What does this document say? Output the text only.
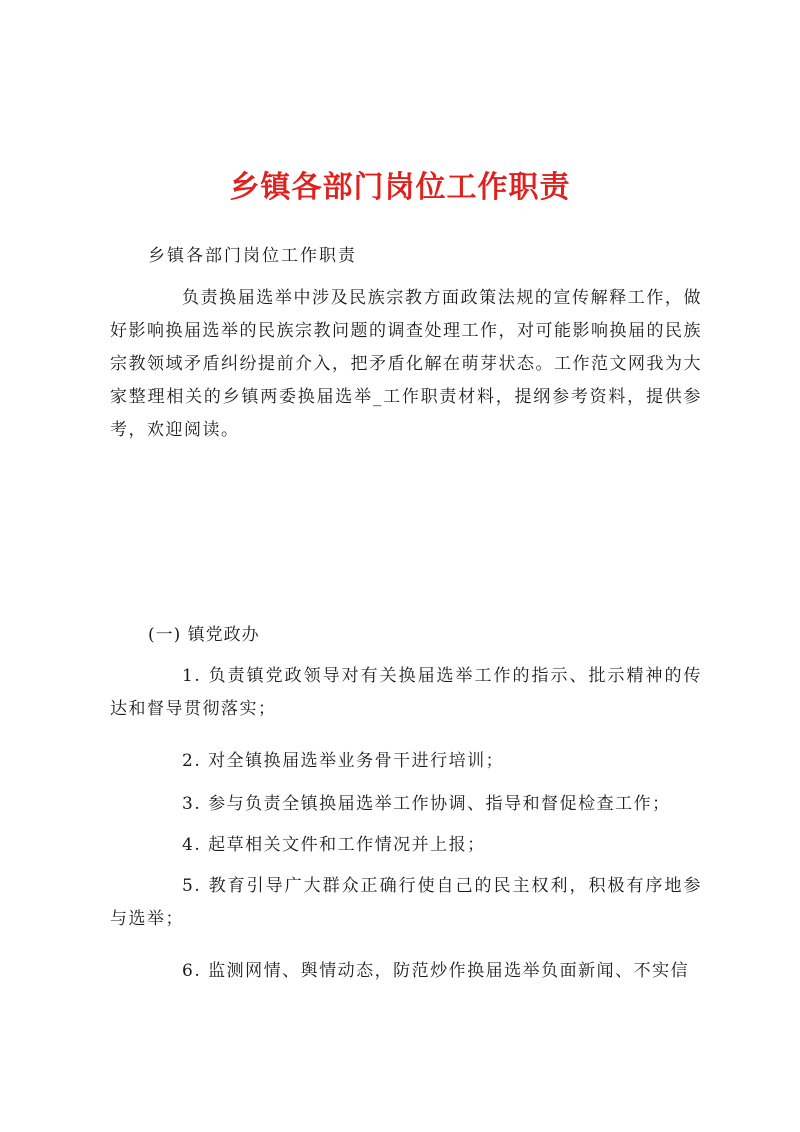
乡镇各部门岗位工作职责
乡镇各部门岗位工作职责
负责换届选举中涉及民族宗教方面政策法规的宣传解释工作，做好影响换届选举的民族宗教问题的调查处理工作，对可能影响换届的民族宗教领域矛盾纠纷提前介入，把矛盾化解在萌芽状态。工作范文网我为大家整理相关的乡镇两委换届选举_工作职责材料，提纲参考资料，提供参考，欢迎阅读。
(一) 镇党政办
1. 负责镇党政领导对有关换届选举工作的指示、批示精神的传达和督导贯彻落实；
2. 对全镇换届选举业务骨干进行培训；
3. 参与负责全镇换届选举工作协调、指导和督促检查工作；
4. 起草相关文件和工作情况并上报；
5. 教育引导广大群众正确行使自己的民主权利，积极有序地参与选举；
6. 监测网情、舆情动态，防范炒作换届选举负面新闻、不实信
